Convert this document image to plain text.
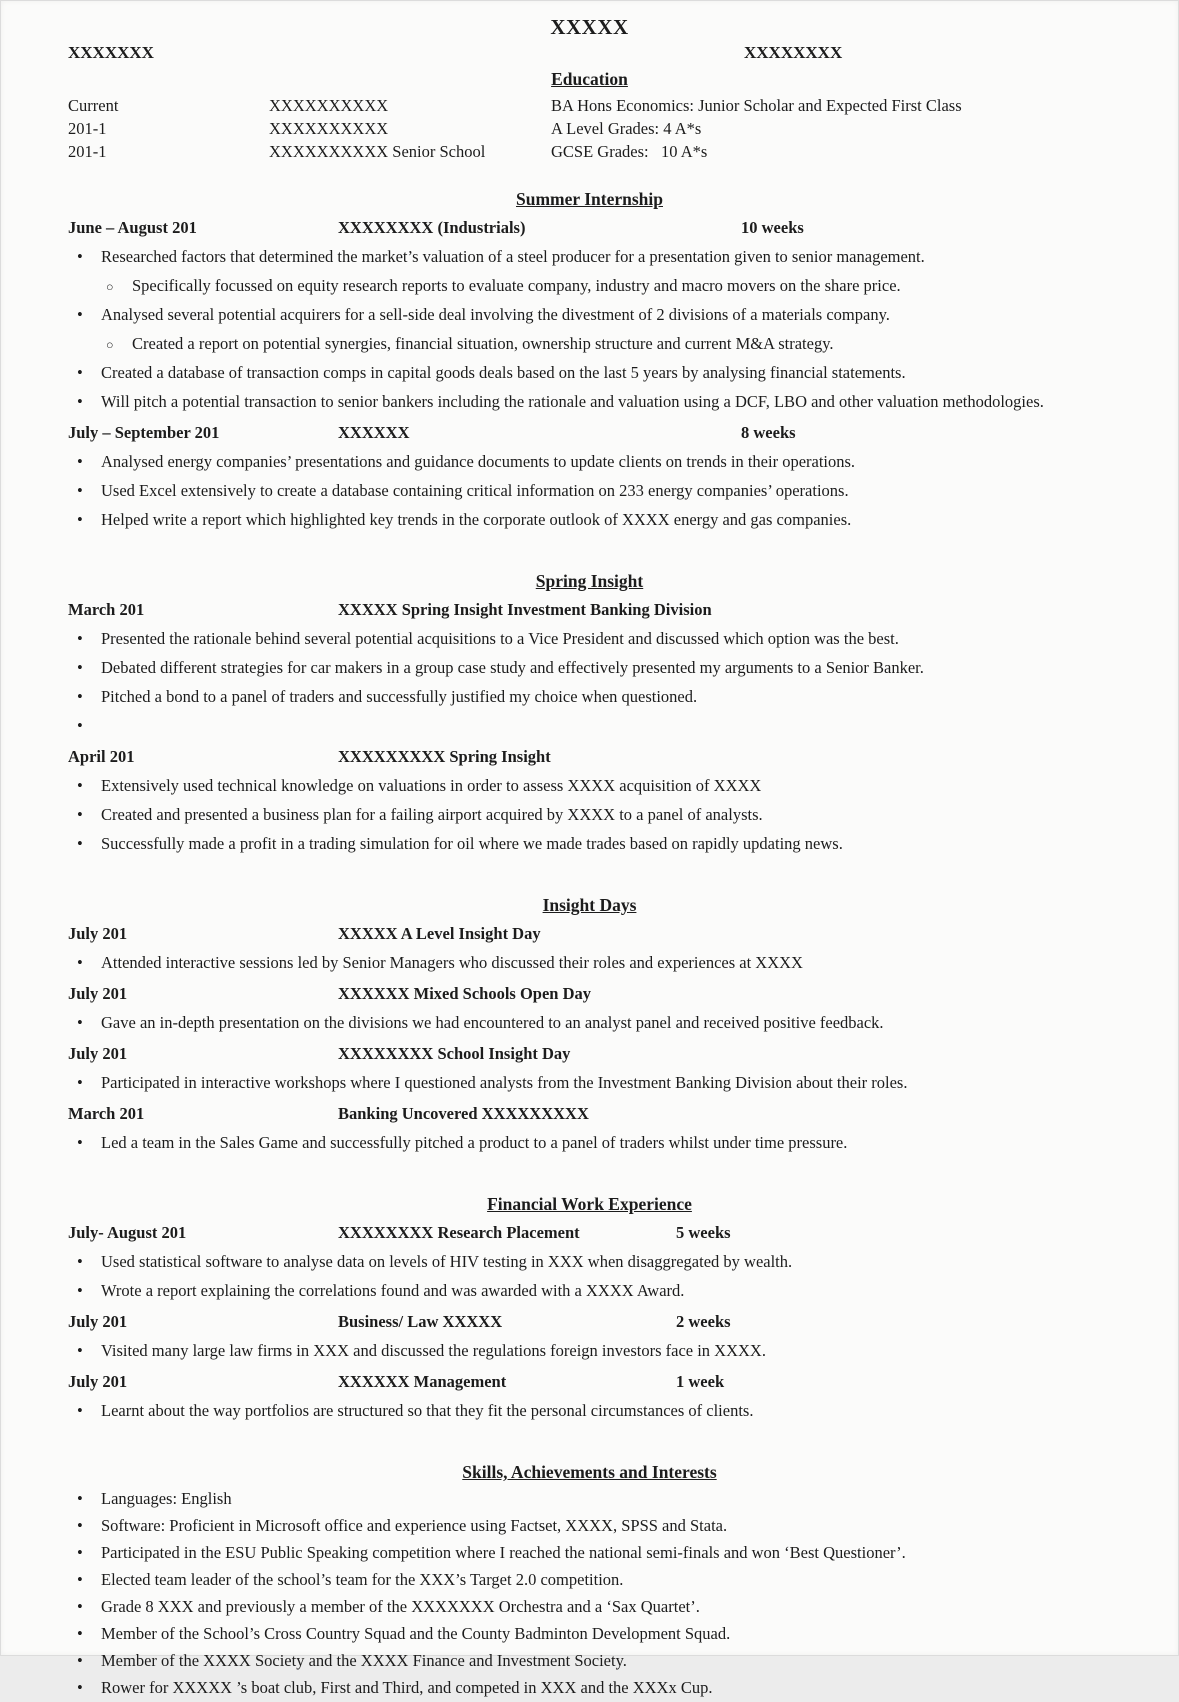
XXXXX
XXXXXXX	XXXXXXXX
Education
Current	XXXXXXXXXX	BA Hons Economics: Junior Scholar and Expected First Class
201-1	XXXXXXXXXX	A Level Grades: 4 A*s
201-1	XXXXXXXXXX Senior School	GCSE Grades:   10 A*s
Summer Internship
June – August 201	XXXXXXXX (Industrials)	10 weeks
• Researched factors that determined the market’s valuation of a steel producer for a presentation given to senior management.
○ Specifically focussed on equity research reports to evaluate company, industry and macro movers on the share price.
• Analysed several potential acquirers for a sell-side deal involving the divestment of 2 divisions of a materials company.
○ Created a report on potential synergies, financial situation, ownership structure and current M&A strategy.
• Created a database of transaction comps in capital goods deals based on the last 5 years by analysing financial statements.
• Will pitch a potential transaction to senior bankers including the rationale and valuation using a DCF, LBO and other valuation methodologies.
July – September 201	XXXXXX	8 weeks
• Analysed energy companies’ presentations and guidance documents to update clients on trends in their operations.
• Used Excel extensively to create a database containing critical information on 233 energy companies’ operations.
• Helped write a report which highlighted key trends in the corporate outlook of XXXX energy and gas companies.
Spring Insight
March 201	XXXXX Spring Insight Investment Banking Division
• Presented the rationale behind several potential acquisitions to a Vice President and discussed which option was the best.
• Debated different strategies for car makers in a group case study and effectively presented my arguments to a Senior Banker.
• Pitched a bond to a panel of traders and successfully justified my choice when questioned.
•
April 201	XXXXXXXXX Spring Insight
• Extensively used technical knowledge on valuations in order to assess XXXX acquisition of XXXX
• Created and presented a business plan for a failing airport acquired by XXXX to a panel of analysts.
• Successfully made a profit in a trading simulation for oil where we made trades based on rapidly updating news.
Insight Days
July 201	XXXXX A Level Insight Day
• Attended interactive sessions led by Senior Managers who discussed their roles and experiences at XXXX
July 201	XXXXXX Mixed Schools Open Day
• Gave an in-depth presentation on the divisions we had encountered to an analyst panel and received positive feedback.
July 201	XXXXXXXX School Insight Day
• Participated in interactive workshops where I questioned analysts from the Investment Banking Division about their roles.
March 201	Banking Uncovered XXXXXXXXX
• Led a team in the Sales Game and successfully pitched a product to a panel of traders whilst under time pressure.
Financial Work Experience
July- August 201	XXXXXXXX Research Placement	5 weeks
• Used statistical software to analyse data on levels of HIV testing in XXX when disaggregated by wealth.
• Wrote a report explaining the correlations found and was awarded with a XXXX Award.
July 201	Business/ Law XXXXX	2 weeks
• Visited many large law firms in XXX and discussed the regulations foreign investors face in XXXX.
July 201	XXXXXX Management	1 week
• Learnt about the way portfolios are structured so that they fit the personal circumstances of clients.
Skills, Achievements and Interests
• Languages: English
• Software: Proficient in Microsoft office and experience using Factset, XXXX, SPSS and Stata.
• Participated in the ESU Public Speaking competition where I reached the national semi-finals and won ‘Best Questioner’.
• Elected team leader of the school’s team for the XXX’s Target 2.0 competition.
• Grade 8 XXX and previously a member of the XXXXXXX Orchestra and a ‘Sax Quartet’.
• Member of the School’s Cross Country Squad and the County Badminton Development Squad.
• Member of the XXXX Society and the XXXX Finance and Investment Society.
• Rower for XXXXX ’s boat club, First and Third, and competed in XXX and the XXXx Cup.
